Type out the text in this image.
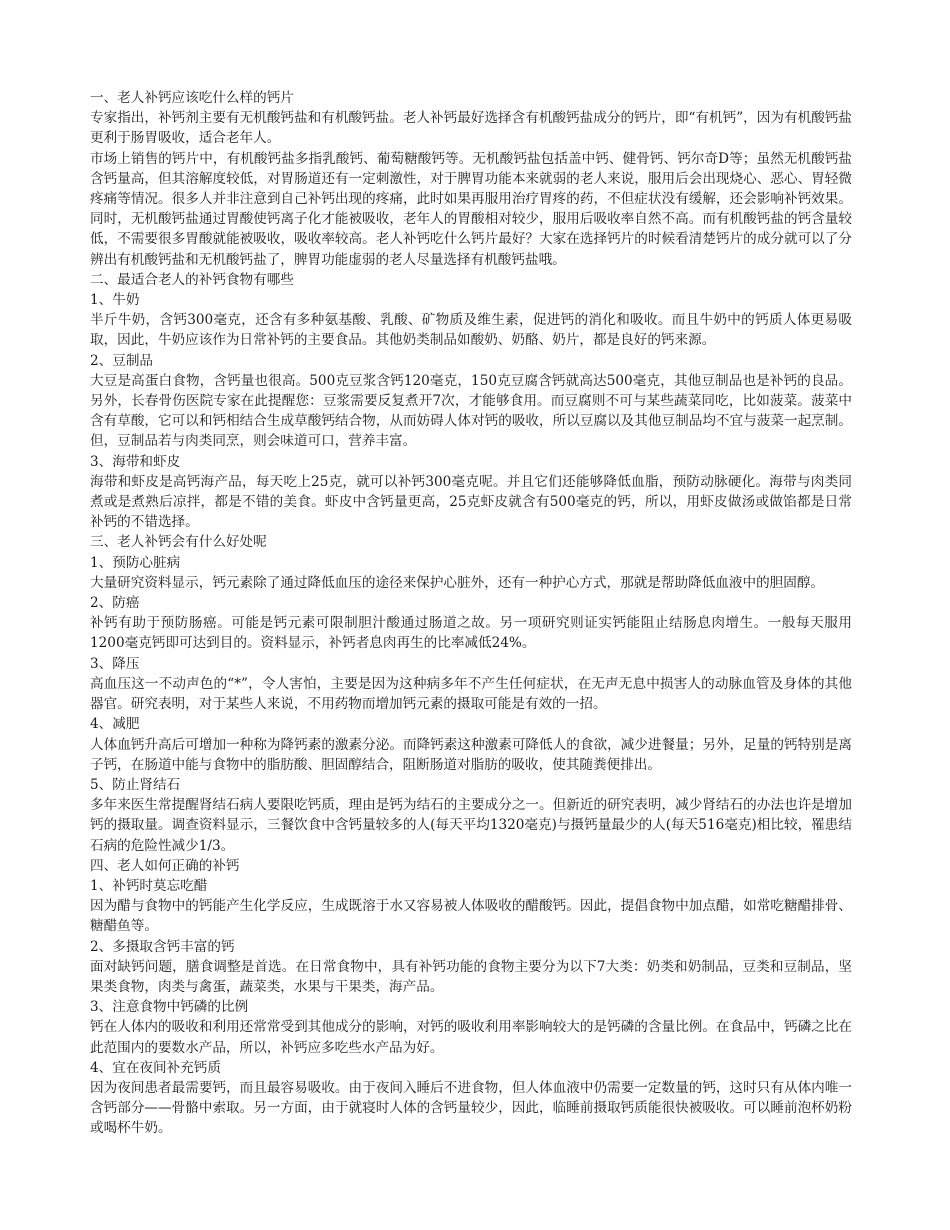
一、老人补钙应该吃什么样的钙片

专家指出，补钙剂主要有无机酸钙盐和有机酸钙盐。老人补钙最好选择含有机酸钙盐成分的钙片，即“有机钙”，因为有机酸钙盐更利于肠胃吸收，适合老年人。

市场上销售的钙片中，有机酸钙盐多指乳酸钙、葡萄糖酸钙等。无机酸钙盐包括盖中钙、健骨钙、钙尔奇D等；虽然无机酸钙盐含钙量高，但其溶解度较低，对胃肠道还有一定刺激性，对于脾胃功能本来就弱的老人来说，服用后会出现烧心、恶心、胃轻微疼痛等情况。很多人并非注意到自己补钙出现的疼痛，此时如果再服用治疗胃疼的药，不但症状没有缓解，还会影响补钙效果。同时，无机酸钙盐通过胃酸使钙离子化才能被吸收，老年人的胃酸相对较少，服用后吸收率自然不高。而有机酸钙盐的钙含量较低，不需要很多胃酸就能被吸收，吸收率较高。老人补钙吃什么钙片最好？大家在选择钙片的时候看清楚钙片的成分就可以了分辨出有机酸钙盐和无机酸钙盐了，脾胃功能虚弱的老人尽量选择有机酸钙盐哦。

二、最适合老人的补钙食物有哪些

1、牛奶

半斤牛奶，含钙300毫克，还含有多种氨基酸、乳酸、矿物质及维生素，促进钙的消化和吸收。而且牛奶中的钙质人体更易吸取，因此，牛奶应该作为日常补钙的主要食品。其他奶类制品如酸奶、奶酪、奶片，都是良好的钙来源。

2、豆制品

大豆是高蛋白食物，含钙量也很高。500克豆浆含钙120毫克，150克豆腐含钙就高达500毫克，其他豆制品也是补钙的良品。另外，长春骨伤医院专家在此提醒您：豆浆需要反复煮开7次，才能够食用。而豆腐则不可与某些蔬菜同吃，比如菠菜。菠菜中含有草酸，它可以和钙相结合生成草酸钙结合物，从而妨碍人体对钙的吸收，所以豆腐以及其他豆制品均不宜与菠菜一起烹制。但，豆制品若与肉类同烹，则会味道可口，营养丰富。

3、海带和虾皮

海带和虾皮是高钙海产品，每天吃上25克，就可以补钙300毫克呢。并且它们还能够降低血脂，预防动脉硬化。海带与肉类同煮或是煮熟后凉拌，都是不错的美食。虾皮中含钙量更高，25克虾皮就含有500毫克的钙，所以，用虾皮做汤或做馅都是日常补钙的不错选择。

三、老人补钙会有什么好处呢

1、预防心脏病

大量研究资料显示，钙元素除了通过降低血压的途径来保护心脏外，还有一种护心方式，那就是帮助降低血液中的胆固醇。

2、防癌

补钙有助于预防肠癌。可能是钙元素可限制胆汁酸通过肠道之故。另一项研究则证实钙能阻止结肠息肉增生。一般每天服用1200毫克钙即可达到目的。资料显示，补钙者息肉再生的比率减低24%。

3、降压

高血压这一不动声色的“*”，令人害怕，主要是因为这种病多年不产生任何症状，在无声无息中损害人的动脉血管及身体的其他器官。研究表明，对于某些人来说，不用药物而增加钙元素的摄取可能是有效的一招。

4、减肥

人体血钙升高后可增加一种称为降钙素的激素分泌。而降钙素这种激素可降低人的食欲，减少进餐量；另外，足量的钙特别是离子钙，在肠道中能与食物中的脂肪酸、胆固醇结合，阻断肠道对脂肪的吸收，使其随粪便排出。

5、防止肾结石

多年来医生常提醒肾结石病人要限吃钙质，理由是钙为结石的主要成分之一。但新近的研究表明，减少肾结石的办法也许是增加钙的摄取量。调查资料显示，三餐饮食中含钙量较多的人(每天平均1320毫克)与摄钙量最少的人(每天516毫克)相比较，罹患结石病的危险性减少1/3。

四、老人如何正确的补钙

1、补钙时莫忘吃醋

因为醋与食物中的钙能产生化学反应，生成既溶于水又容易被人体吸收的醋酸钙。因此，提倡食物中加点醋，如常吃糖醋排骨、糖醋鱼等。

2、多摄取含钙丰富的钙

面对缺钙问题，膳食调整是首选。在日常食物中，具有补钙功能的食物主要分为以下7大类：奶类和奶制品，豆类和豆制品，坚果类食物，肉类与禽蛋，蔬菜类，水果与干果类，海产品。

3、注意食物中钙磷的比例

钙在人体内的吸收和利用还常常受到其他成分的影响，对钙的吸收利用率影响较大的是钙磷的含量比例。在食品中，钙磷之比在此范围内的要数水产品，所以，补钙应多吃些水产品为好。

4、宜在夜间补充钙质

因为夜间患者最需要钙，而且最容易吸收。由于夜间入睡后不进食物，但人体血液中仍需要一定数量的钙，这时只有从体内唯一含钙部分——骨骼中索取。另一方面，由于就寝时人体的含钙量较少，因此，临睡前摄取钙质能很快被吸收。可以睡前泡杯奶粉或喝杯牛奶。
